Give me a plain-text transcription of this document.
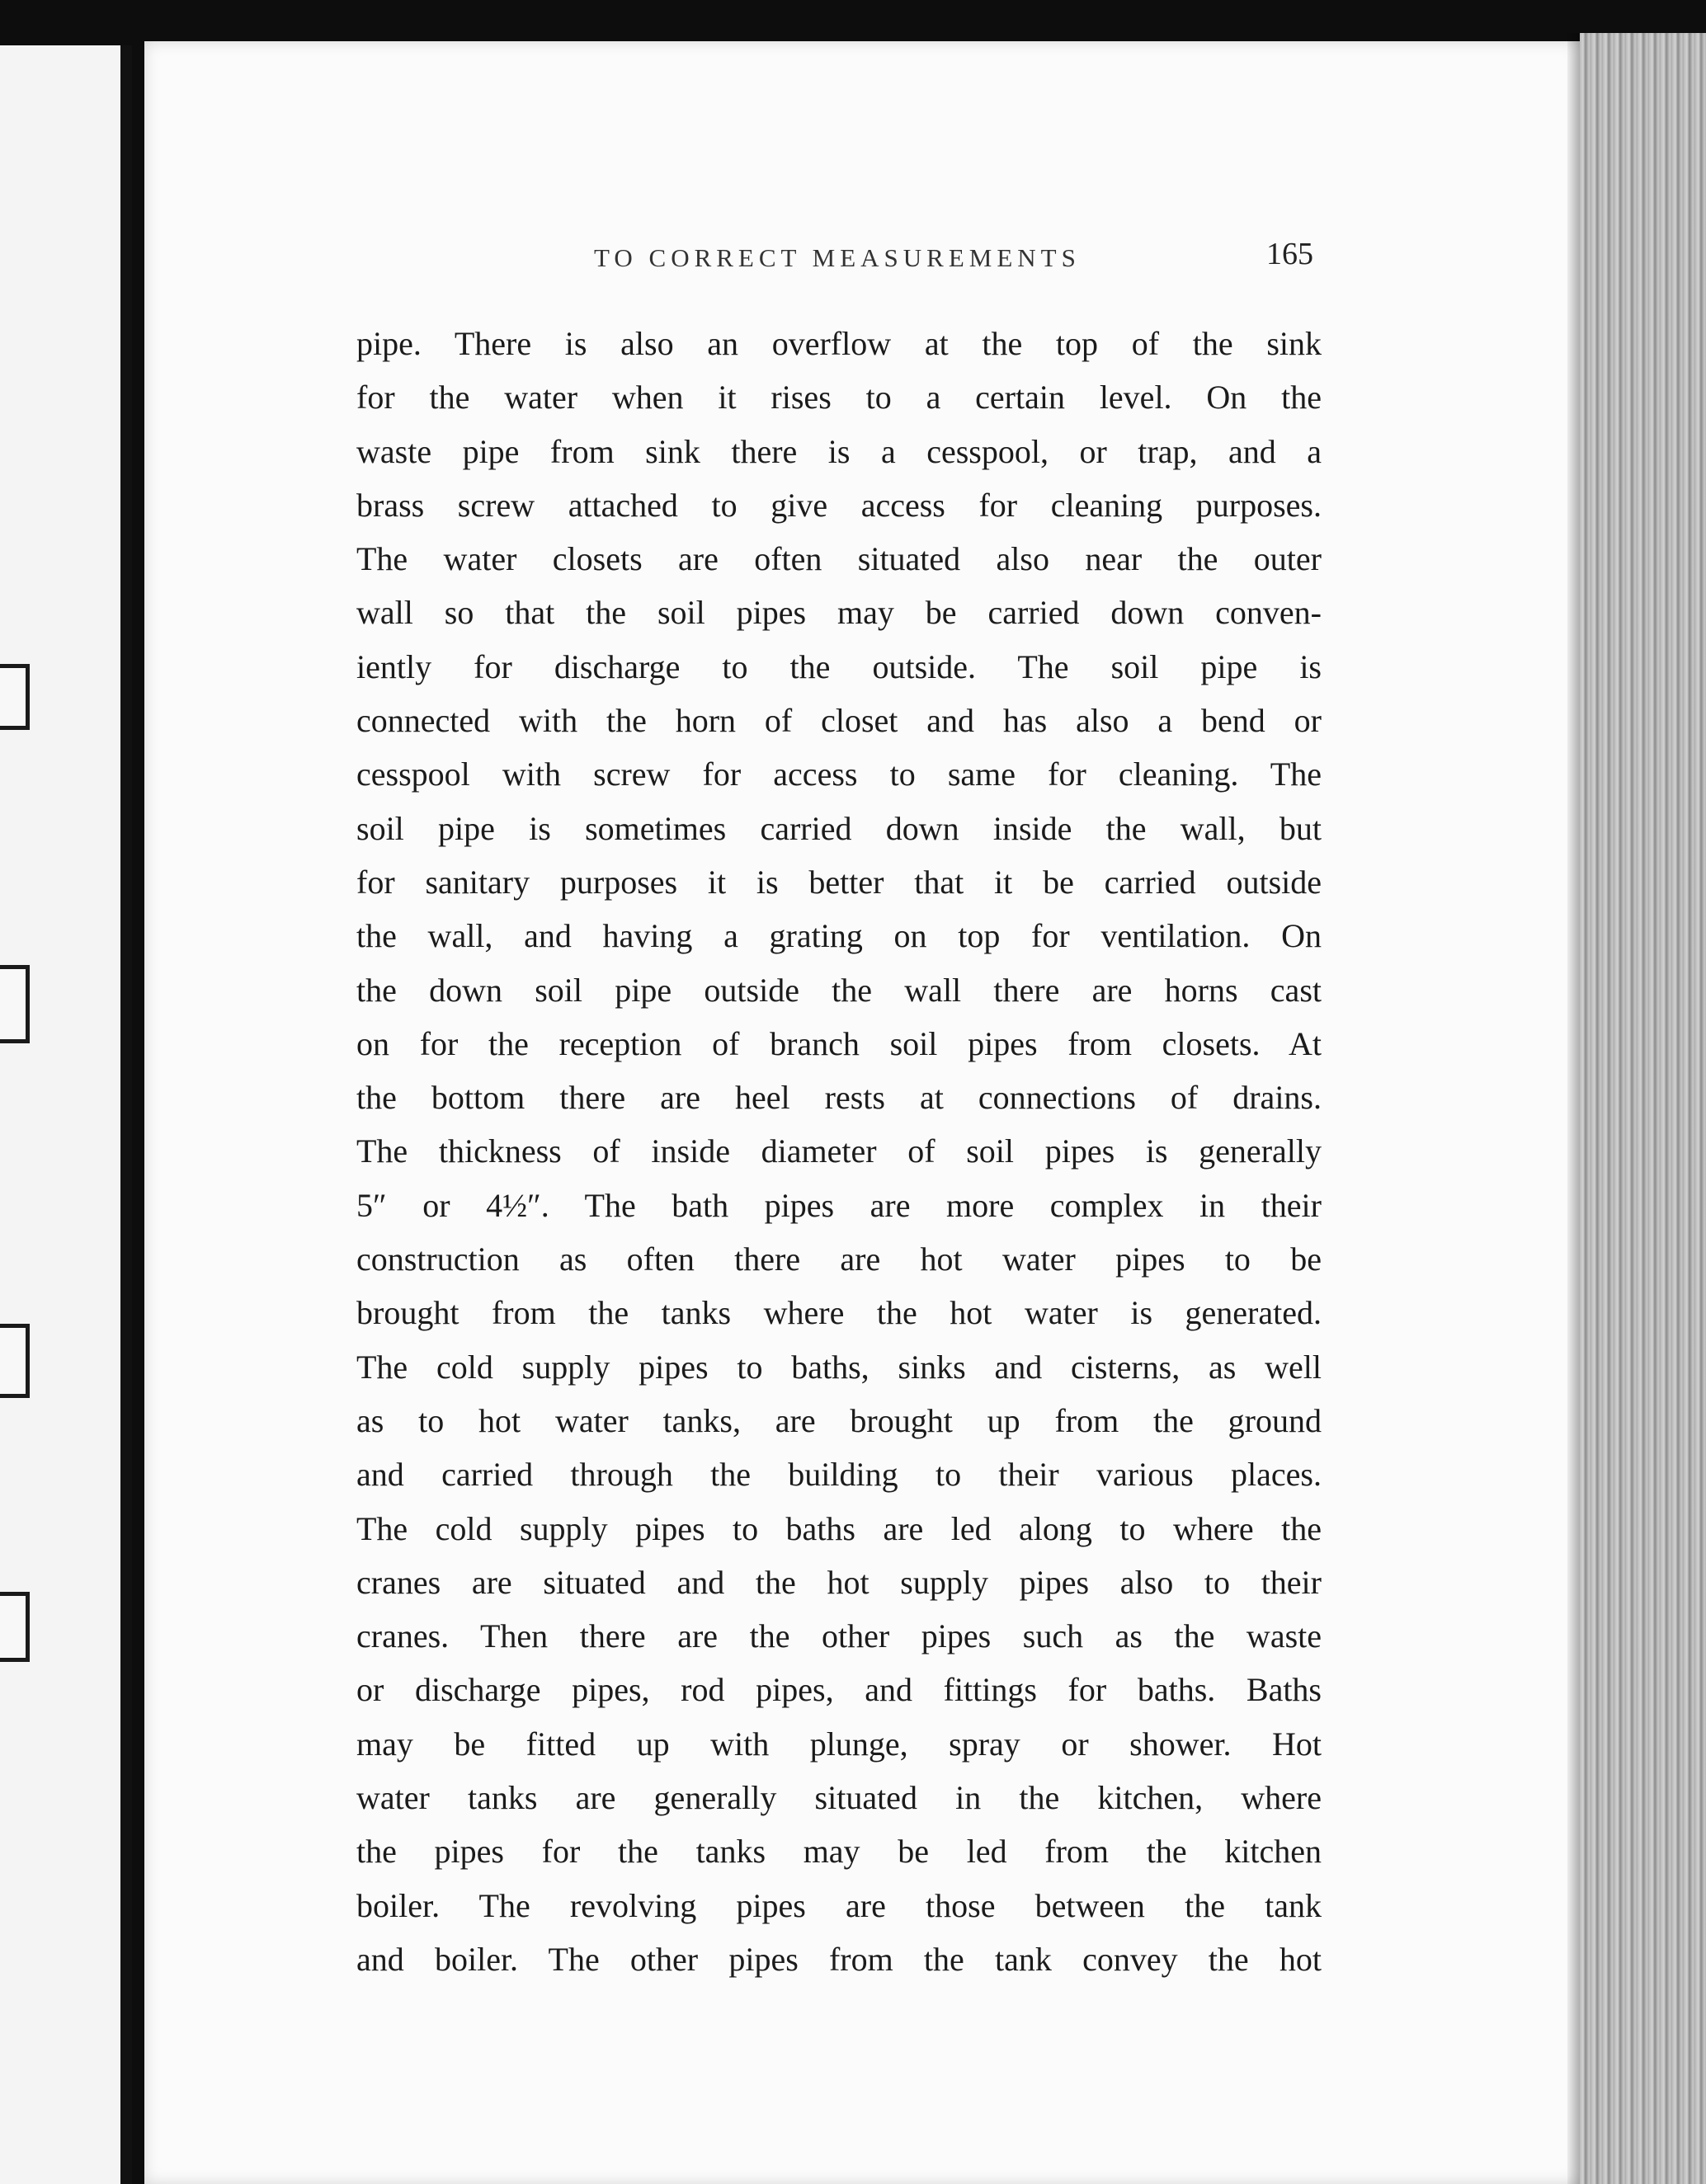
TO CORRECT MEASUREMENTS	165
pipe. There is also an overflow at the top of the sink
for the water when it rises to a certain level. On the
waste pipe from sink there is a cesspool, or trap, and a
brass screw attached to give access for cleaning purposes.
The water closets are often situated also near the outer
wall so that the soil pipes may be carried down conven-
iently for discharge to the outside. The soil pipe is
connected with the horn of closet and has also a bend or
cesspool with screw for access to same for cleaning. The
soil pipe is sometimes carried down inside the wall, but
for sanitary purposes it is better that it be carried outside
the wall, and having a grating on top for ventilation. On
the down soil pipe outside the wall there are horns cast
on for the reception of branch soil pipes from closets. At
the bottom there are heel rests at connections of drains.
The thickness of inside diameter of soil pipes is generally
5″ or 4½″. The bath pipes are more complex in their
construction as often there are hot water pipes to be
brought from the tanks where the hot water is generated.
The cold supply pipes to baths, sinks and cisterns, as well
as to hot water tanks, are brought up from the ground
and carried through the building to their various places.
The cold supply pipes to baths are led along to where the
cranes are situated and the hot supply pipes also to their
cranes. Then there are the other pipes such as the waste
or discharge pipes, rod pipes, and fittings for baths. Baths
may be fitted up with plunge, spray or shower. Hot
water tanks are generally situated in the kitchen, where
the pipes for the tanks may be led from the kitchen
boiler. The revolving pipes are those between the tank
and boiler. The other pipes from the tank convey the hot
